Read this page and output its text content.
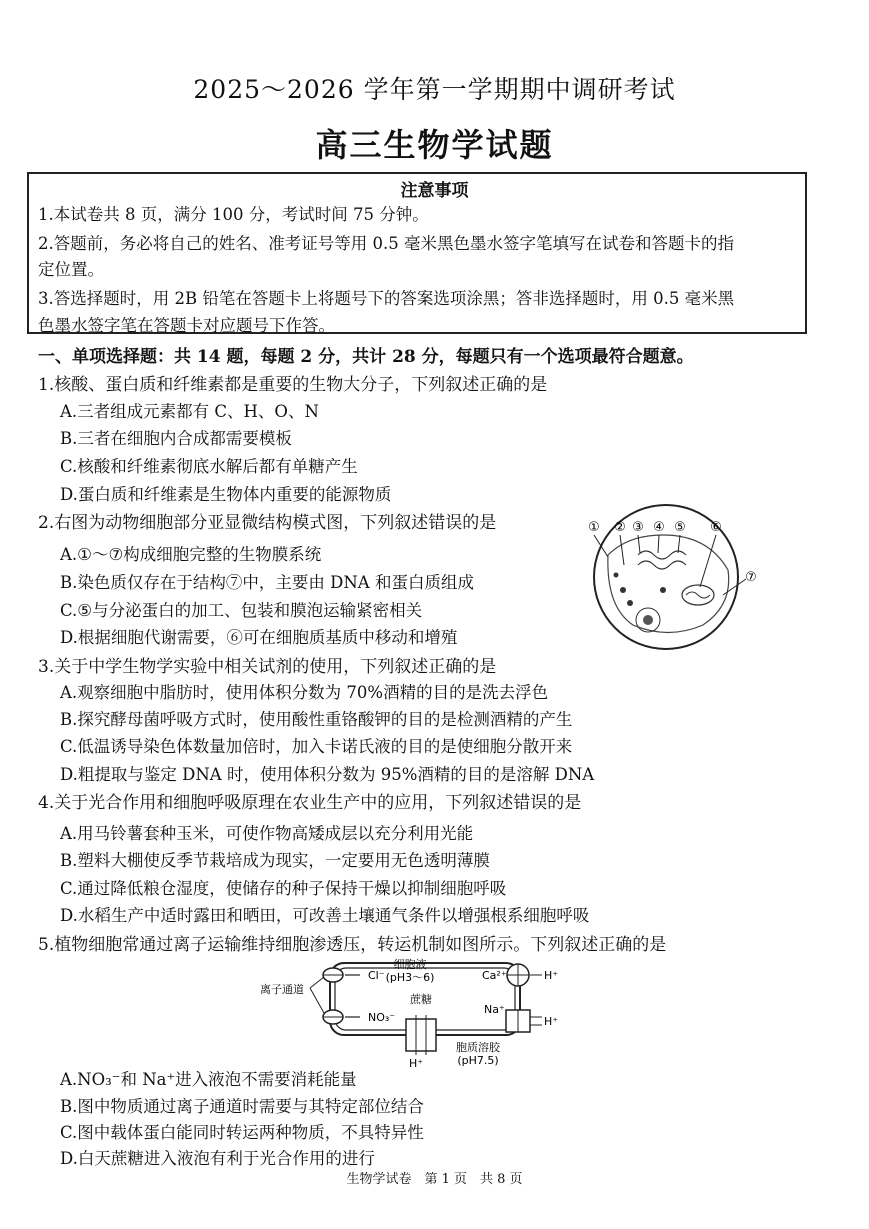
2025～2026 学年第一学期期中调研考试
高三生物学试题
注意事项
1.本试卷共 8 页，满分 100 分，考试时间 75 分钟。
2.答题前，务必将自己的姓名、准考证号等用 0.5 毫米黑色墨水签字笔填写在试卷和答题卡的指
定位置。
3.答选择题时，用 2B 铅笔在答题卡上将题号下的答案选项涂黑；答非选择题时，用 0.5 毫米黑
色墨水签字笔在答题卡对应题号下作答。
一、单项选择题：共 14 题，每题 2 分，共计 28 分，每题只有一个选项最符合题意。
1.核酸、蛋白质和纤维素都是重要的生物大分子，下列叙述正确的是
A.三者组成元素都有 C、H、O、N
B.三者在细胞内合成都需要模板
C.核酸和纤维素彻底水解后都有单糖产生
D.蛋白质和纤维素是生物体内重要的能源物质
2.右图为动物细胞部分亚显微结构模式图，下列叙述错误的是
A.①～⑦构成细胞完整的生物膜系统
B.染色质仅存在于结构⑦中，主要由 DNA 和蛋白质组成
C.⑤与分泌蛋白的加工、包装和膜泡运输紧密相关
D.根据细胞代谢需要，⑥可在细胞质基质中移动和增殖
① ② ③ ④ ⑤ ⑥
⑦
3.关于中学生物学实验中相关试剂的使用，下列叙述正确的是
A.观察细胞中脂肪时，使用体积分数为 70%酒精的目的是洗去浮色
B.探究酵母菌呼吸方式时，使用酸性重铬酸钾的目的是检测酒精的产生
C.低温诱导染色体数量加倍时，加入卡诺氏液的目的是使细胞分散开来
D.粗提取与鉴定 DNA 时，使用体积分数为 95%酒精的目的是溶解 DNA
4.关于光合作用和细胞呼吸原理在农业生产中的应用，下列叙述错误的是
A.用马铃薯套种玉米，可使作物高矮成层以充分利用光能
B.塑料大棚使反季节栽培成为现实，一定要用无色透明薄膜
C.通过降低粮仓湿度，使储存的种子保持干燥以抑制细胞呼吸
D.水稻生产中适时露田和晒田，可改善土壤通气条件以增强根系细胞呼吸
5.植物细胞常通过离子运输维持细胞渗透压，转运机制如图所示。下列叙述正确的是
Cl⁻
NO₃⁻
离子通道
细胞液
(pH3～6)
蔗糖
Ca²⁺	H⁺
Na⁺
H⁺
H⁺
胞质溶胶
(pH7.5)
A.NO₃⁻和 Na⁺进入液泡不需要消耗能量
B.图中物质通过离子通道时需要与其特定部位结合
C.图中载体蛋白能同时转运两种物质，不具特异性
D.白天蔗糖进入液泡有利于光合作用的进行
生物学试卷　第 1 页　共 8 页
